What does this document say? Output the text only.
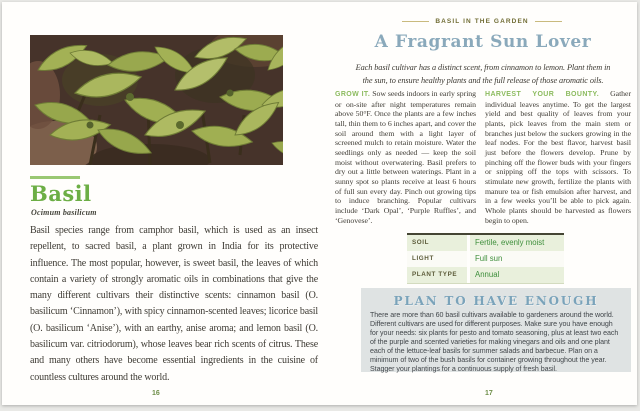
Basil
Ocimum basilicum
Basil species range from camphor basil, which is used as an insect repellent, to sacred basil, a plant grown in India for its protective influence. The most popular, however, is sweet basil, the leaves of which contain a variety of strongly aromatic oils in combinations that give the many different cultivars their distinctive scents: cinnamon basil (O. basilicum ‘Cinnamon’), with spicy cinnamon-scented leaves; licorice basil (O. basilicum ‘Anise’), with an earthy, anise aroma; and lemon basil (O. basilicum var. citriodorum), whose leaves bear rich scents of citrus. These and many others have become essential ingredients in the cuisine of countless cultures around the world.
16
BASIL IN THE GARDEN
A Fragrant Sun Lover
Each basil cultivar has a distinct scent, from cinnamon to lemon. Plant them in the sun, to ensure healthy plants and the full release of those aromatic oils.
GROW IT. Sow seeds indoors in early spring or on-site after night temperatures remain above 50°F. Once the plants are a few inches tall, thin them to 6 inches apart, and cover the soil around them with a light layer of screened mulch to retain moisture. Water the seedlings only as needed — keep the soil moist without overwatering. Basil prefers to dry out a little between waterings. Plant in a sunny spot so plants receive at least 6 hours of full sun every day. Pinch out growing tips to induce branching. Popular cultivars include ‘Dark Opal’, ‘Purple Ruffles’, and ‘Genovese’.
HARVEST YOUR BOUNTY. Gather individual leaves anytime. To get the largest yield and best quality of leaves from your plants, pick leaves from the main stem or branches just below the suckers growing in the leaf nodes. For the best flavor, harvest basil just before the flowers develop. Prune by pinching off the flower buds with your fingers or snipping off the tops with scissors. To stimulate new growth, fertilize the plants with manure tea or fish emulsion after harvest, and in a few weeks you’ll be able to pick again. Whole plants should be harvested as flowers begin to open.
SOIL	Fertile, evenly moist
LIGHT	Full sun
PLANT TYPE	Annual
PLAN TO HAVE ENOUGH
There are more than 60 basil cultivars available to gardeners around the world. Different cultivars are used for different purposes. Make sure you have enough for your needs: six plants for pesto and tomato seasoning, plus at least two each of the purple and scented varieties for making vinegars and oils and one plant each of the lettuce-leaf basils for summer salads and barbecue. Plan on a minimum of two of the bush basils for container growing throughout the year. Stagger your plantings for a continuous supply of fresh basil.
17
